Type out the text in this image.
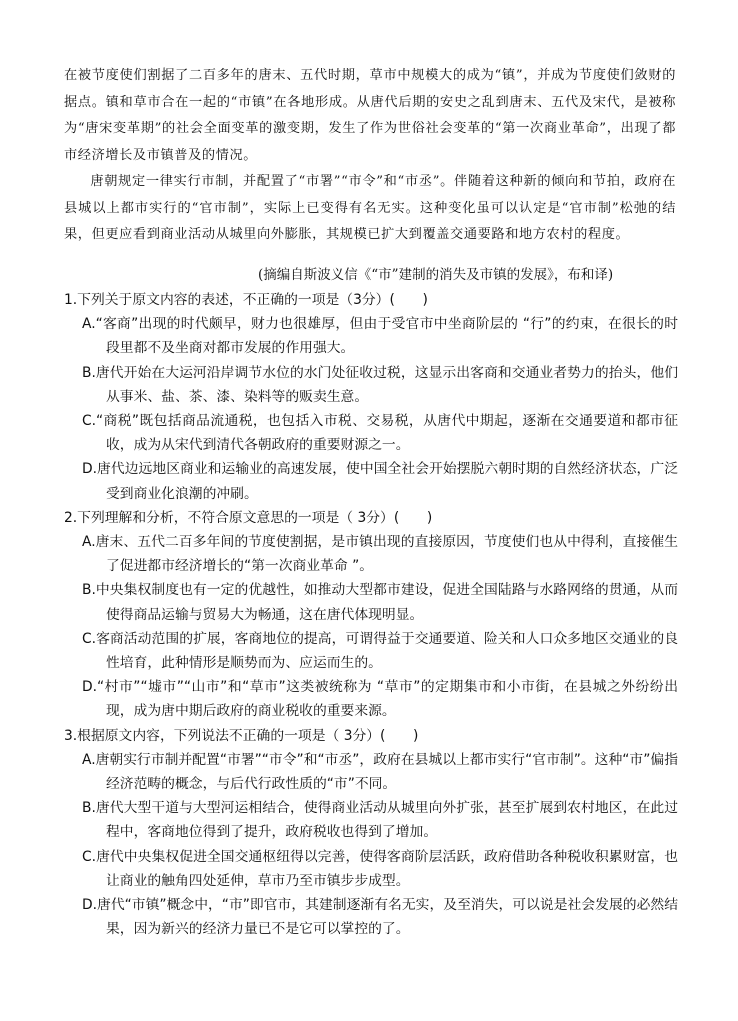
在被节度使们割据了二百多年的唐末、五代时期，草市中规模大的成为“镇”，并成为节度使们敛财的据点。镇和草市合在一起的“市镇”在各地形成。从唐代后期的安史之乱到唐末、五代及宋代，是被称为“唐宋变革期”的社会全面变革的激变期，发生了作为世俗社会变革的“第一次商业革命”，出现了都市经济增长及市镇普及的情况。

唐朝规定一律实行市制，并配置了“市署”“市令”和“市丞”。伴随着这种新的倾向和节拍，政府在县城以上都市实行的“官市制”，实际上已变得有名无实。这种变化虽可以认定是“官市制”松弛的结果，但更应看到商业活动从城里向外膨胀，其规模已扩大到覆盖交通要路和地方农村的程度。

(摘编自斯波义信《“市”建制的消失及市镇的发展》，布和译)

1.下列关于原文内容的表述，不正确的一项是（3分）(　　)

A.“客商”出现的时代颇早，财力也很雄厚，但由于受官市中坐商阶层的 “行”的约束，在很长的时段里都不及坐商对都市发展的作用强大。

B.唐代开始在大运河沿岸调节水位的水门处征收过税，这显示出客商和交通业者势力的抬头，他们从事米、盐、茶、漆、染料等的贩卖生意。

C.“商税”既包括商品流通税，也包括入市税、交易税，从唐代中期起，逐渐在交通要道和都市征收，成为从宋代到清代各朝政府的重要财源之一。

D.唐代边远地区商业和运输业的高速发展，使中国全社会开始摆脱六朝时期的自然经济状态，广泛受到商业化浪潮的冲刷。

2.下列理解和分析，不符合原文意思的一项是（ 3分）(　　)

A.唐末、五代二百多年间的节度使割据，是市镇出现的直接原因，节度使们也从中得利，直接催生了促进都市经济增长的“第一次商业革命 ”。

B.中央集权制度也有一定的优越性，如推动大型都市建设，促进全国陆路与水路网络的贯通，从而使得商品运输与贸易大为畅通，这在唐代体现明显。

C.客商活动范围的扩展，客商地位的提高，可谓得益于交通要道、险关和人口众多地区交通业的良性培育，此种情形是顺势而为、应运而生的。

D.“村市”“墟市”“山市”和“草市”这类被统称为 “草市”的定期集市和小市街，在县城之外纷纷出现，成为唐中期后政府的商业税收的重要来源。

3.根据原文内容，下列说法不正确的一项是（ 3分）(　　)

A.唐朝实行市制并配置“市署”“市令”和“市丞”，政府在县城以上都市实行“官市制”。这种“市”偏指经济范畴的概念，与后代行政性质的“市”不同。

B.唐代大型干道与大型河运相结合，使得商业活动从城里向外扩张，甚至扩展到农村地区，在此过程中，客商地位得到了提升，政府税收也得到了增加。

C.唐代中央集权促进全国交通枢纽得以完善，使得客商阶层活跃，政府借助各种税收积累财富，也让商业的触角四处延伸，草市乃至市镇步步成型。

D.唐代“市镇”概念中，“市”即官市，其建制逐渐有名无实，及至消失，可以说是社会发展的必然结果，因为新兴的经济力量已不是它可以掌控的了。
